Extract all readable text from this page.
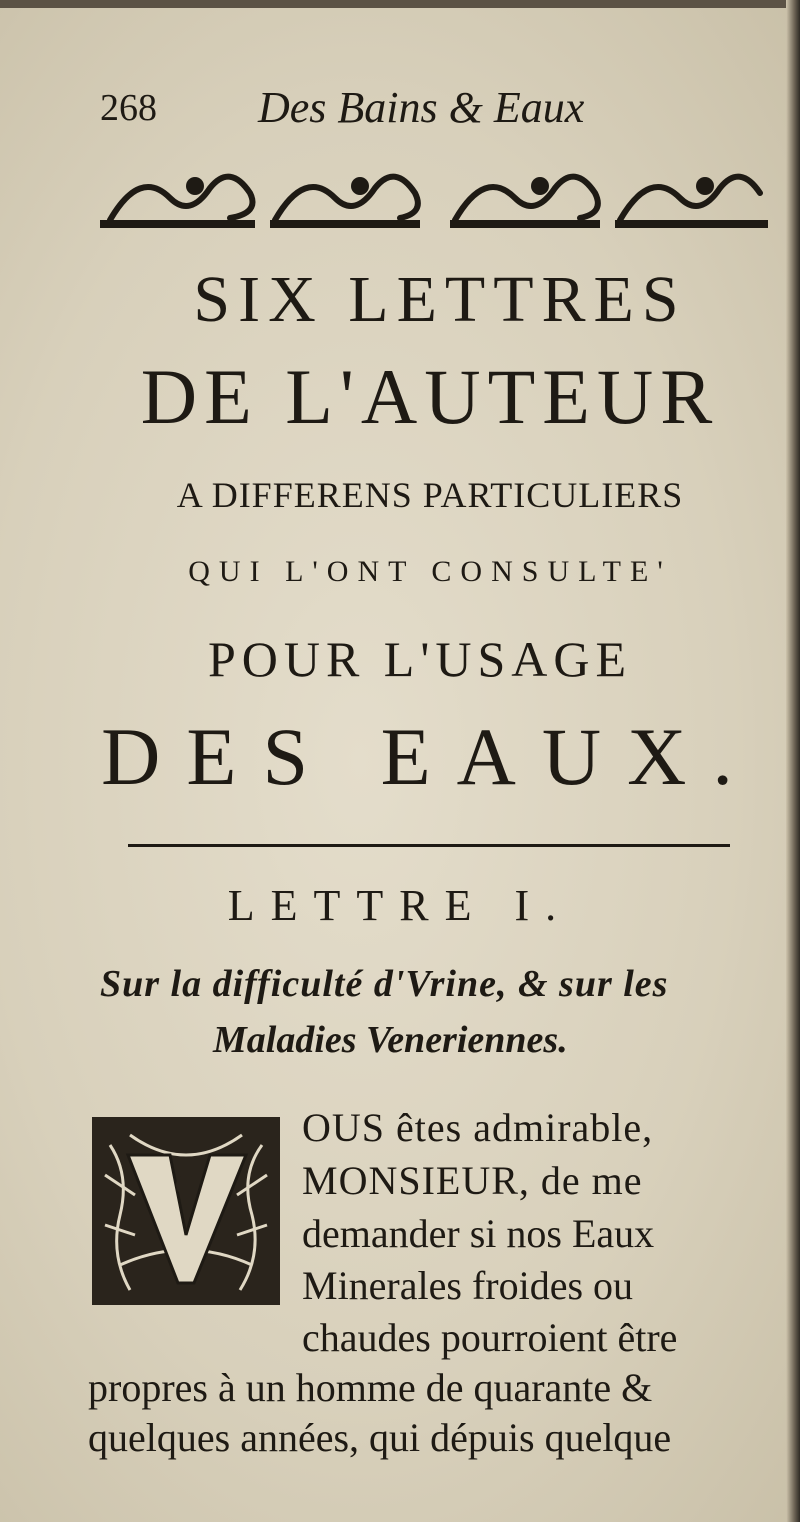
268 Des Bains & Eaux
SIX LETTRES
DE L'AUTEUR
A DIFFERENS PARTICULIERS
QUI L'ONT CONSULTE'
POUR L'USAGE
DES EAUX.
LETTRE I.
Sur la difficulté d'Vrine, & sur les
Maladies Veneriennes.
OUS êtes admirable,
MONSIEUR, de me
demander si nos Eaux
Minerales froides ou
chaudes pourroient être
propres à un homme de quarante &
quelques années, qui dépuis quelque
